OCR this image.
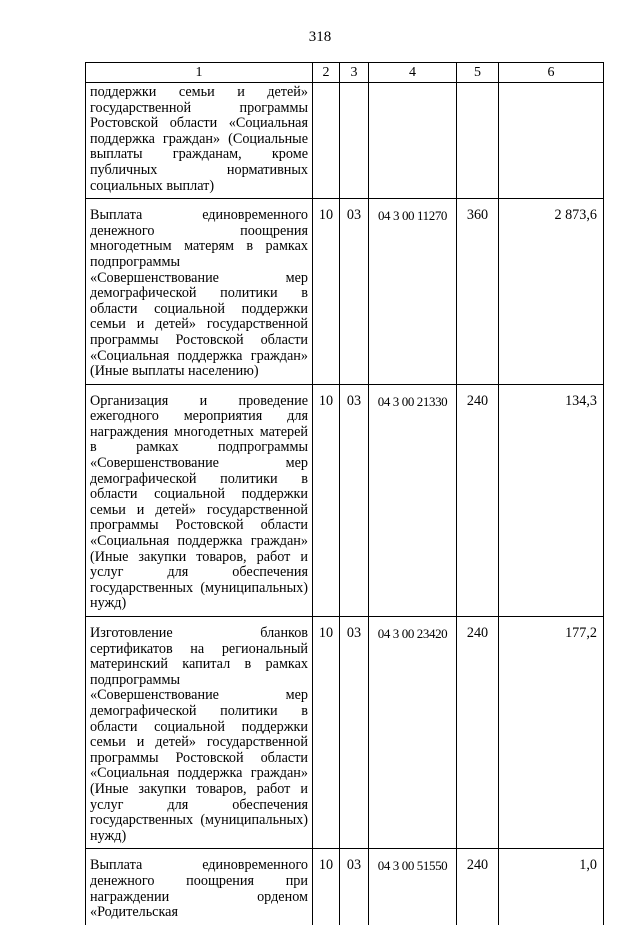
318
1	2	3	4	5	6
поддержки семьи и детей» государственной программы Ростовской области «Социальная поддержка граждан» (Социальные выплаты гражданам, кроме публичных нормативных социальных выплат)					
Выплата единовременного денежного поощрения многодетным матерям в рамках подпрограммы «Совершенствование мер демографической политики в области социальной поддержки семьи и детей» государственной программы Ростовской области «Социальная поддержка граждан» (Иные выплаты населению)	10	03	04 3 00 11270	360	2 873,6
Организация и проведение ежегодного мероприятия для награждения многодетных матерей в рамках подпрограммы «Совершенствование мер демографической политики в области социальной поддержки семьи и детей» государственной программы Ростовской области «Социальная поддержка граждан» (Иные закупки товаров, работ и услуг для обеспечения государственных (муниципальных) нужд)	10	03	04 3 00 21330	240	134,3
Изготовление бланков сертификатов на региональный материнский капитал в рамках подпрограммы «Совершенствование мер демографической политики в области социальной поддержки семьи и детей» государственной программы Ростовской области «Социальная поддержка граждан» (Иные закупки товаров, работ и услуг для обеспечения государственных (муниципальных) нужд)	10	03	04 3 00 23420	240	177,2
Выплата единовременного денежного поощрения при награждении орденом «Родительская	10	03	04 3 00 51550	240	1,0
